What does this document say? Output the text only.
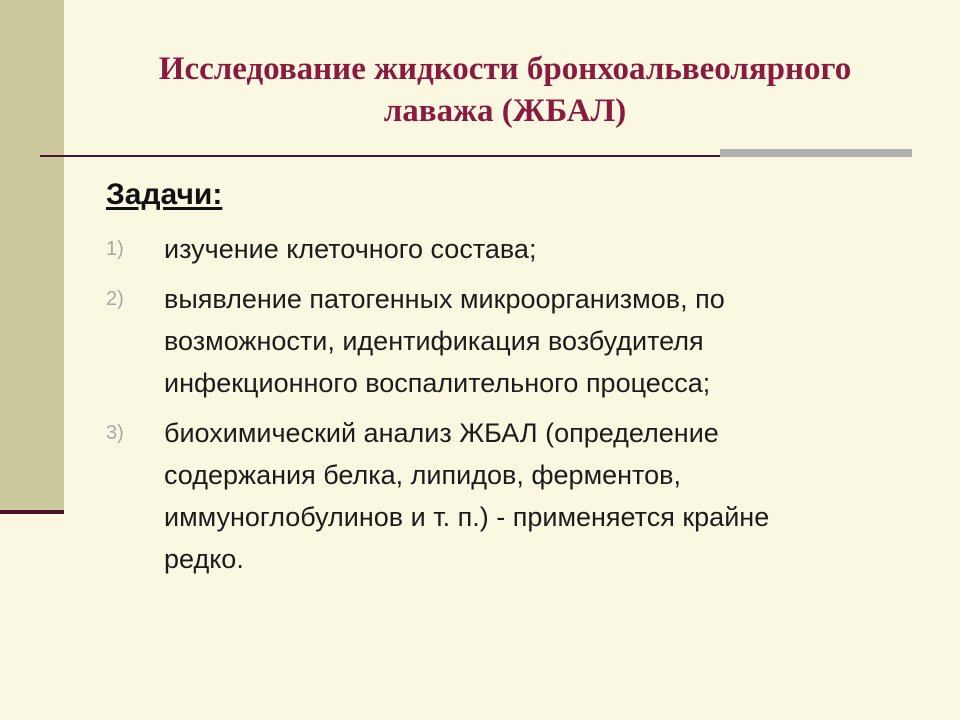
Исследование жидкости бронхоальвеолярного
лаважа (ЖБАЛ)
Задачи:
1)	изучение клеточного состава;
2)	выявление патогенных микроорганизмов, по
возможности, идентификация возбудителя
инфекционного воспалительного процесса;
3)	биохимический анализ ЖБАЛ (определение
содержания белка, липидов, ферментов,
иммуноглобулинов и т. п.) - применяется крайне
редко.
